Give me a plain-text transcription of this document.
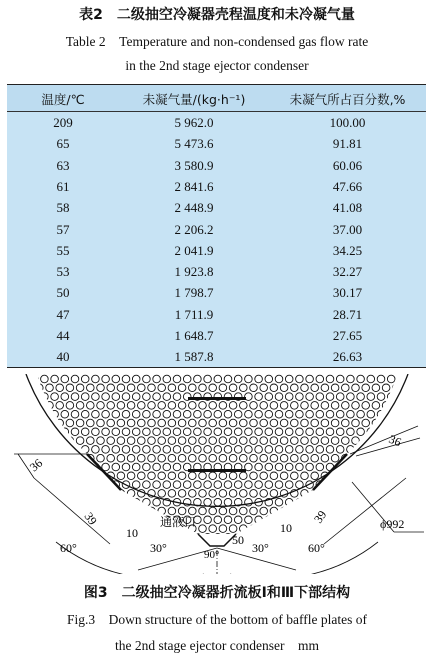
表2　二级抽空冷凝器壳程温度和未冷凝气量
Table 2　Temperature and non-condensed gas flow rate
in the 2nd stage ejector condenser
温度/℃	未凝气量/(kg·h⁻¹)	未凝气所占百分数,%
209	5 962.0	100.00
65	5 473.6	91.81
63	3 580.9	60.06
61	2 841.6	47.66
58	2 448.9	41.08
57	2 206.2	37.00
55	2 041.9	34.25
53	1 923.8	32.27
50	1 798.7	30.17
47	1 711.9	28.71
44	1 648.7	27.65
40	1 587.8	26.63
36
36
39	39
10	10
50
60°	30°	90°	30°	60°
ϕ992
通液口
图3　二级抽空冷凝器折流板Ⅰ和Ⅲ下部结构
Fig.3　Down structure of the bottom of baffle plates of
the 2nd stage ejector condenser　mm
